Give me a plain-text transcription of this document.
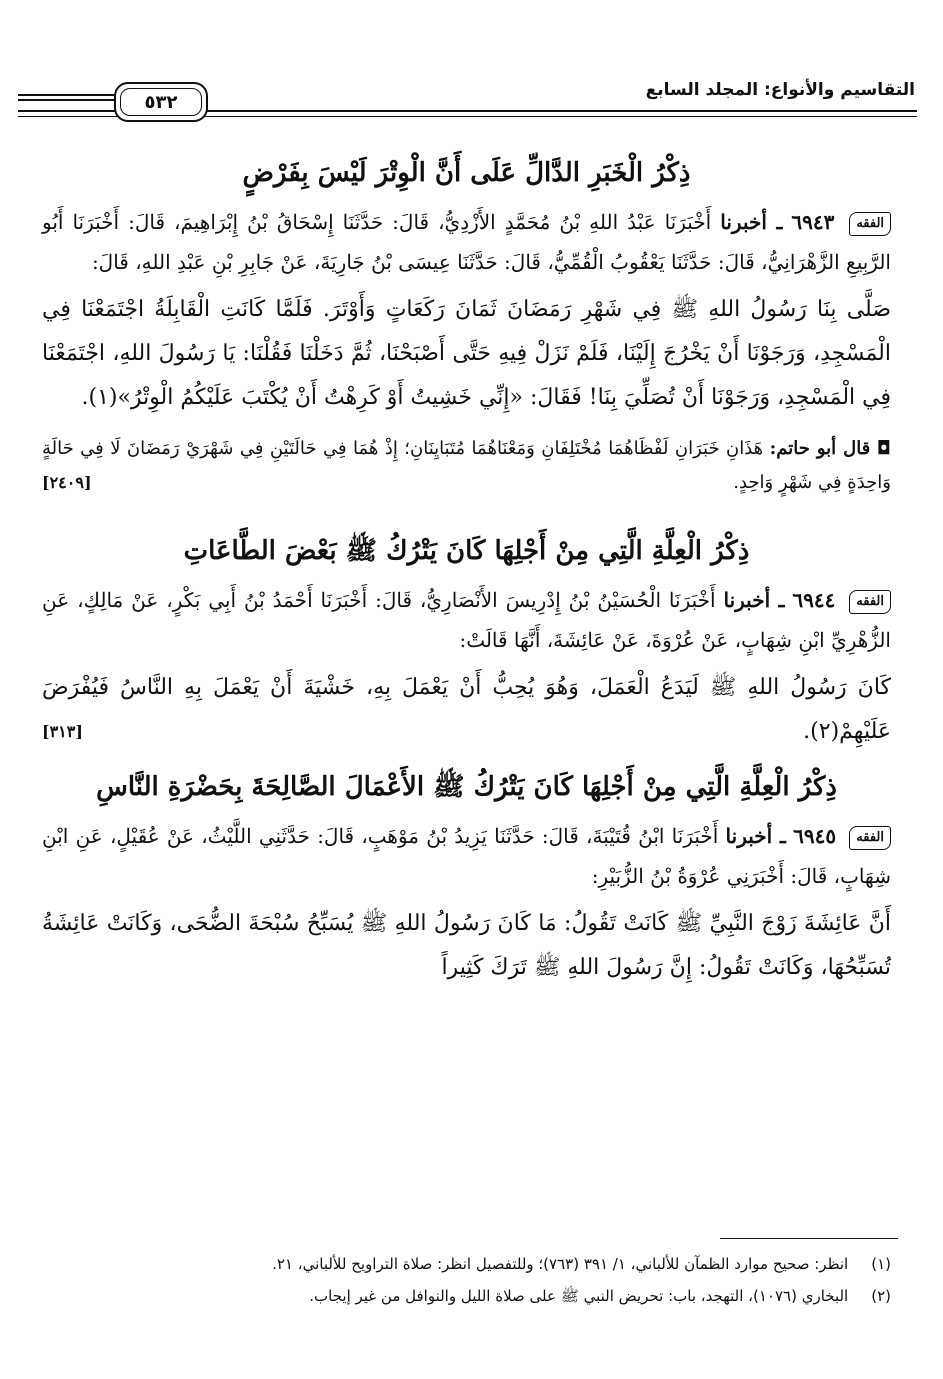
التقاسيم والأنواع: المجلد السابع
٥٣٢
ذِكْرُ الْخَبَرِ الدَّالِّ عَلَى أَنَّ الْوِتْرَ لَيْسَ بِفَرْضٍ

الفقه ٦٩٤٣ ـ أخبرنا أَخْبَرَنَا عَبْدُ اللهِ بْنُ مُحَمَّدٍ الأَزْدِيُّ، قَالَ: حَدَّثَنَا إِسْحَاقُ بْنُ إِبْرَاهِيمَ، قَالَ: أَخْبَرَنَا أَبُو الرَّبِيعِ الزَّهْرَانِيُّ، قَالَ: حَدَّثَنَا يَعْقُوبُ الْقُمِّيُّ، قَالَ: حَدَّثَنَا عِيسَى بْنُ جَارِيَةَ، عَنْ جَابِرِ بْنِ عَبْدِ اللهِ، قَالَ:

صَلَّى بِنَا رَسُولُ اللهِ ﷺ فِي شَهْرِ رَمَضَانَ ثَمَانَ رَكَعَاتٍ وَأَوْتَرَ. فَلَمَّا كَانَتِ الْقَابِلَةُ اجْتَمَعْنَا فِي الْمَسْجِدِ، وَرَجَوْنَا أَنْ يَخْرُجَ إِلَيْنَا، فَلَمْ نَزَلْ فِيهِ حَتَّى أَصْبَحْنَا، ثُمَّ دَخَلْنَا فَقُلْنَا: يَا رَسُولَ اللهِ، اجْتَمَعْنَا فِي الْمَسْجِدِ، وَرَجَوْنَا أَنْ تُصَلِّيَ بِنَا! فَقَالَ: «إِنِّي خَشِيتُ أَوْ كَرِهْتُ أَنْ يُكْتَبَ عَلَيْكُمُ الْوِتْرُ»(١).

◘ قال أبو حاتم: هَذَانِ خَبَرَانِ لَفْظَاهُمَا مُخْتَلِفَانِ وَمَعْنَاهُمَا مُتَبَايِنَانِ؛ إِذْ هُمَا فِي حَالَتَيْنِ فِي شَهْرَيْ رَمَضَانَ لَا فِي حَالَةٍ وَاحِدَةٍ فِي شَهْرٍ وَاحِدٍ.
[٢٤٠٩]

ذِكْرُ الْعِلَّةِ الَّتِي مِنْ أَجْلِهَا كَانَ يَتْرُكُ ﷺ بَعْضَ الطَّاعَاتِ

الفقه ٦٩٤٤ ـ أخبرنا أَخْبَرَنَا الْحُسَيْنُ بْنُ إِدْرِيسَ الأَنْصَارِيُّ، قَالَ: أَخْبَرَنَا أَحْمَدُ بْنُ أَبِي بَكْرٍ، عَنْ مَالِكٍ، عَنِ الزُّهْرِيِّ ابْنِ شِهَابٍ، عَنْ عُرْوَةَ، عَنْ عَائِشَةَ، أَنَّهَا قَالَتْ:

كَانَ رَسُولُ اللهِ ﷺ لَيَدَعُ الْعَمَلَ، وَهُوَ يُحِبُّ أَنْ يَعْمَلَ بِهِ، خَشْيَةَ أَنْ يَعْمَلَ بِهِ النَّاسُ فَيُفْرَضَ عَلَيْهِمْ(٢).
[٣١٣]

ذِكْرُ الْعِلَّةِ الَّتِي مِنْ أَجْلِهَا كَانَ يَتْرُكُ ﷺ الأَعْمَالَ الصَّالِحَةَ بِحَضْرَةِ النَّاسِ

الفقه ٦٩٤٥ ـ أخبرنا أَخْبَرَنَا ابْنُ قُتَيْبَةَ، قَالَ: حَدَّثَنَا يَزِيدُ بْنُ مَوْهَبٍ، قَالَ: حَدَّثَنِي اللَّيْثُ، عَنْ عُقَيْلٍ، عَنِ ابْنِ شِهَابٍ، قَالَ: أَخْبَرَنِي عُرْوَةُ بْنُ الزُّبَيْرِ:

أَنَّ عَائِشَةَ زَوْجَ النَّبِيِّ ﷺ كَانَتْ تَقُولُ: مَا كَانَ رَسُولُ اللهِ ﷺ يُسَبِّحُ سُبْحَةَ الضُّحَى، وَكَانَتْ عَائِشَةُ تُسَبِّحُهَا، وَكَانَتْ تَقُولُ: إِنَّ رَسُولَ اللهِ ﷺ تَرَكَ كَثِيراً

(١) انظر: صحيح موارد الظمآن للألباني، ١/ ٣٩١ (٧٦٣)؛ وللتفصيل انظر: صلاة التراويح للألباني، ٢١.
(٢) البخاري (١٠٧٦)، التهجد، باب: تحريض النبي ﷺ على صلاة الليل والنوافل من غير إيجاب.
